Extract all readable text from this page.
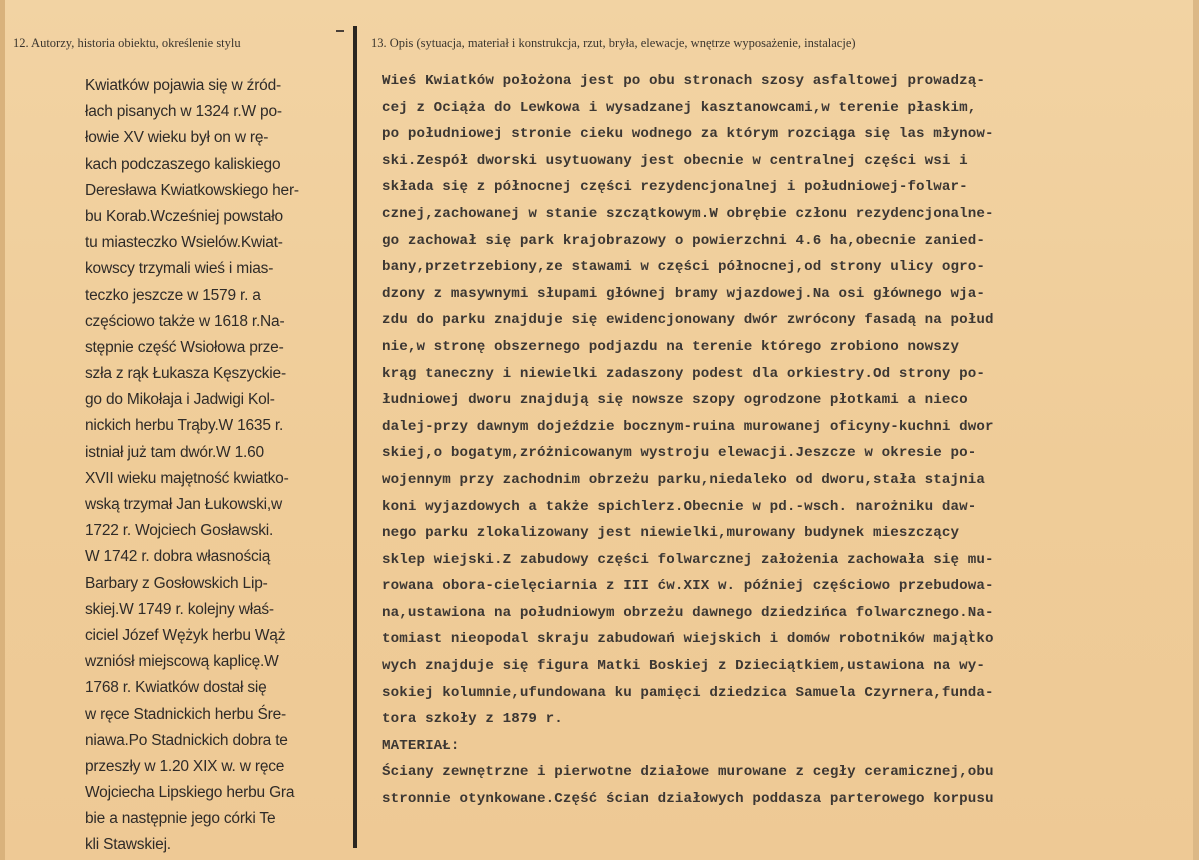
12. Autorzy, historia obiektu, określenie stylu	13. Opis (sytuacja, materiał i konstrukcja, rzut, bryła, elewacje, wnętrze wyposażenie, instalacje)
Kwiatków pojawia się w źród-
łach pisanych w 1324 r.W po-
łowie XV wieku był on w rę-
kach podczaszego kaliskiego
Deresława Kwiatkowskiego her-
bu Korab.Wcześniej powstało
tu miasteczko Wsielów.Kwiat-
kowscy trzymali wieś i mias-
teczko jeszcze w 1579 r. a
częściowo także w 1618 r.Na-
stępnie część Wsiołowa prze-
szła z rąk Łukasza Kęszyckie-
go do Mikołaja i Jadwigi Kol-
nickich herbu Trąby.W 1635 r.
istniał już tam dwór.W 1.60
XVII wieku majętność kwiatko-
wską trzymał Jan Łukowski,w
1722 r. Wojciech Gosławski.
W 1742 r. dobra własnością
Barbary z Gosłowskich Lip-
skiej.W 1749 r. kolejny właś-
ciciel Józef Wężyk herbu Wąż
wzniósł miejscową kaplicę.W
1768 r. Kwiatków dostał się
w ręce Stadnickich herbu Śre-
niawa.Po Stadnickich dobra te
przeszły w 1.20 XIX w. w ręce
Wojciecha Lipskiego herbu Gra
bie a następnie jego córki Te
kli Stawskiej.
Wieś Kwiatków położona jest po obu stronach szosy asfaltowej prowadzą-
cej z Ociąża do Lewkowa i wysadzanej kasztanowcami,w terenie płaskim,
po południowej stronie cieku wodnego za którym rozciąga się las młynow-
ski.Zespół dworski usytuowany jest obecnie w centralnej części wsi i
składa się z północnej części rezydencjonalnej i południowej-folwar-
cznej,zachowanej w stanie szczątkowym.W obrębie członu rezydencjonalne-
go zachował się park krajobrazowy o powierzchni 4.6 ha,obecnie zanied-
bany,przetrzebiony,ze stawami w części północnej,od strony ulicy ogro-
dzony z masywnymi słupami głównej bramy wjazdowej.Na osi głównego wja-
zdu do parku znajduje się ewidencjonowany dwór zwrócony fasadą na połud
nie,w stronę obszernego podjazdu na terenie którego zrobiono nowszy
krąg taneczny i niewielki zadaszony podest dla orkiestry.Od strony po-
łudniowej dworu znajdują się nowsze szopy ogrodzone płotkami a nieco
dalej-przy dawnym dojeździe bocznym-ruina murowanej oficyny-kuchni dwor
skiej,o bogatym,zróżnicowanym wystroju elewacji.Jeszcze w okresie po-
wojennym przy zachodnim obrzeżu parku,niedaleko od dworu,stała stajnia
koni wyjazdowych a także spichlerz.Obecnie w pd.-wsch. narożniku daw-
nego parku zlokalizowany jest niewielki,murowany budynek mieszczący
sklep wiejski.Z zabudowy części folwarcznej założenia zachowała się mu-
rowana obora-cielęciarnia z III ćw.XIX w. później częściowo przebudowa-
na,ustawiona na południowym obrzeżu dawnego dziedzińca folwarcznego.Na-
tomiast nieopodal skraju zabudowań wiejskich i domów robotników mająt̀ko
wych znajduje się figura Matki Boskiej z Dzieciątkiem,ustawiona na wy-
sokiej kolumnie,ufundowana ku pamięci dziedzica Samuela Czyrnera,funda-
tora szkoły z 1879 r.
MATERIAŁ:
Ściany zewnętrzne i pierwotne działowe murowane z cegły ceramicznej,obu
stronnie otynkowane.Część ścian działowych poddasza parterowego korpusu
